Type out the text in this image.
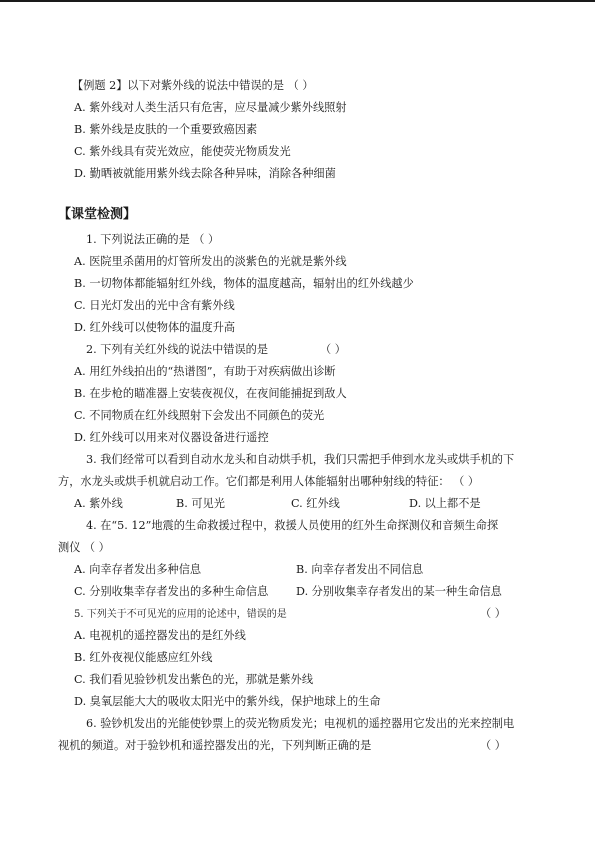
【例题 2】以下对紫外线的说法中错误的是 （ ）
A. 紫外线对人类生活只有危害，应尽量减少紫外线照射
B. 紫外线是皮肤的一个重要致癌因素
C. 紫外线具有荧光效应，能使荧光物质发光
D. 勤晒被就能用紫外线去除各种异味，消除各种细菌
【课堂检测】
1. 下列说法正确的是 （ ）
A. 医院里杀菌用的灯管所发出的淡紫色的光就是紫外线
B. 一切物体都能辐射红外线，物体的温度越高，辐射出的红外线越少
C. 日光灯发出的光中含有紫外线
D. 红外线可以使物体的温度升高
2. 下列有关红外线的说法中错误的是	（ ）
A. 用红外线拍出的“热谱图”，有助于对疾病做出诊断
B. 在步枪的瞄准器上安装夜视仪，在夜间能捕捉到敌人
C. 不同物质在红外线照射下会发出不同颜色的荧光
D. 红外线可以用来对仪器设备进行遥控
3. 我们经常可以看到自动水龙头和自动烘手机，我们只需把手伸到水龙头或烘手机的下
方，水龙头或烘手机就启动工作。它们都是利用人体能辐射出哪种射线的特征： （ ）
A. 紫外线	B. 可见光	C. 红外线	D. 以上都不是
4. 在“5. 12”地震的生命救援过程中，救援人员使用的红外生命探测仪和音频生命探
测仪 （ ）
A. 向幸存者发出多种信息	B. 向幸存者发出不同信息
C. 分别收集幸存者发出的多种生命信息 D. 分别收集幸存者发出的某一种生命信息
5. 下列关于不可见光的应用的论述中，错误的是	（ ）
A. 电视机的遥控器发出的是红外线
B. 红外夜视仪能感应红外线
C. 我们看见验钞机发出紫色的光，那就是紫外线
D. 臭氧层能大大的吸收太阳光中的紫外线，保护地球上的生命
6. 验钞机发出的光能使钞票上的荧光物质发光；电视机的遥控器用它发出的光来控制电
视机的频道。对于验钞机和遥控器发出的光，下列判断正确的是	（ ）
